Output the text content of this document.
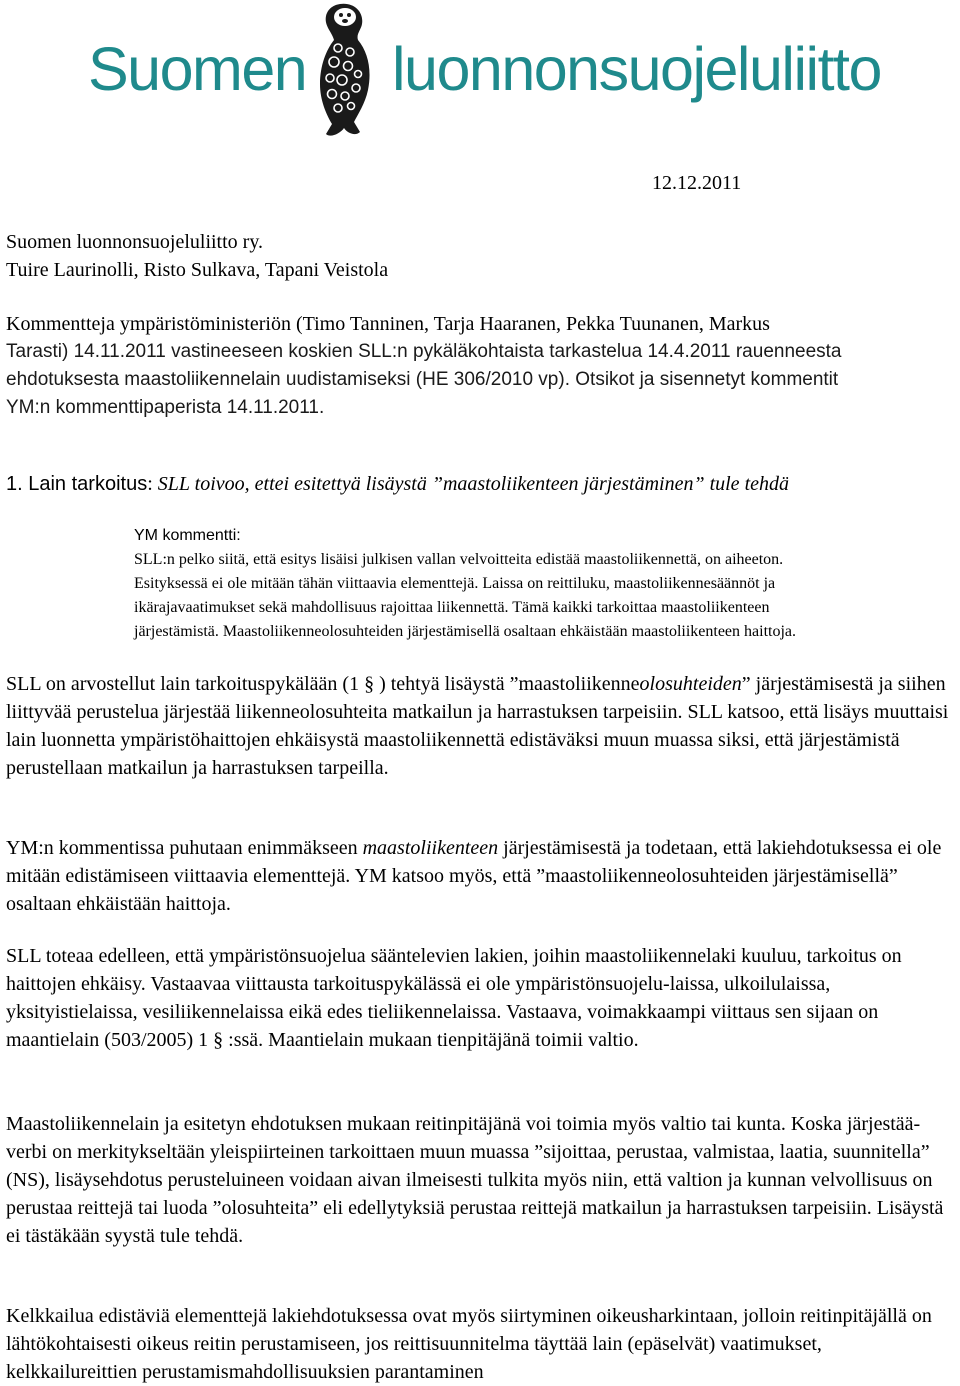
Suomen luonnonsuojeluliitto
12.12.2011
Suomen luonnonsuojeluliitto ry.
Tuire Laurinolli, Risto Sulkava, Tapani Veistola
Kommentteja ympäristöministeriön (Timo Tanninen, Tarja Haaranen, Pekka Tuunanen, Markus
Tarasti) 14.11.2011 vastineeseen koskien SLL:n pykäläkohtaista tarkastelua 14.4.2011 rauenneesta
ehdotuksesta maastoliikennelain uudistamiseksi (HE 306/2010 vp). Otsikot ja sisennetyt kommentit
YM:n kommenttipaperista 14.11.2011.
1. Lain tarkoitus: SLL toivoo, ettei esitettyä lisäystä ”maastoliikenteen järjestäminen” tule tehdä
YM kommentti:
SLL:n pelko siitä, että esitys lisäisi julkisen vallan velvoitteita edistää maastoliikennettä, on aiheeton.
Esityksessä ei ole mitään tähän viittaavia elementtejä. Laissa on reittiluku, maastoliikennesäännöt ja
ikärajavaatimukset sekä mahdollisuus rajoittaa liikennettä. Tämä kaikki tarkoittaa maastoliikenteen
järjestämistä. Maastoliikenneolosuhteiden järjestämisellä osaltaan ehkäistään maastoliikenteen haittoja.
SLL on arvostellut lain tarkoituspykälään (1 § ) tehtyä lisäystä ”maastoliikenneolosuhteiden” järjestämisestä ja siihen liittyvää perustelua järjestää liikenneolosuhteita matkailun ja harrastuksen tarpeisiin. SLL katsoo, että lisäys muuttaisi lain luonnetta ympäristöhaittojen ehkäisystä maastoliikennettä edistäväksi muun muassa siksi, että järjestämistä perustellaan matkailun ja harrastuksen tarpeilla.
YM:n kommentissa puhutaan enimmäkseen maastoliikenteen järjestämisestä ja todetaan, että lakiehdotuksessa ei ole mitään edistämiseen viittaavia elementtejä. YM katsoo myös, että ”maastoliikenneolosuhteiden järjestämisellä” osaltaan ehkäistään haittoja.
SLL toteaa edelleen, että ympäristönsuojelua sääntelevien lakien, joihin maastoliikennelaki kuuluu, tarkoitus on haittojen ehkäisy. Vastaavaa viittausta tarkoituspykälässä ei ole ympäristönsuojelu-laissa, ulkoilulaissa, yksityistielaissa, vesiliikennelaissa eikä edes tieliikennelaissa. Vastaava, voimakkaampi viittaus sen sijaan on maantielain (503/2005) 1 § :ssä. Maantielain mukaan tienpitäjänä toimii valtio.
Maastoliikennelain ja esitetyn ehdotuksen mukaan reitinpitäjänä voi toimia myös valtio tai kunta. Koska järjestää-verbi on merkitykseltään yleispiirteinen tarkoittaen muun muassa ”sijoittaa, perustaa, valmistaa, laatia, suunnitella” (NS), lisäysehdotus perusteluineen voidaan aivan ilmeisesti tulkita myös niin, että valtion ja kunnan velvollisuus on perustaa reittejä tai luoda ”olosuhteita” eli edellytyksiä perustaa reittejä matkailun ja harrastuksen tarpeisiin. Lisäystä ei tästäkään syystä tule tehdä.
Kelkkailua edistäviä elementtejä lakiehdotuksessa ovat myös siirtyminen oikeusharkintaan, jolloin reitinpitäjällä on lähtökohtaisesti oikeus reitin perustamiseen, jos reittisuunnitelma täyttää lain (epäselvät) vaatimukset, kelkkailureittien perustamismahdollisuuksien parantaminen
